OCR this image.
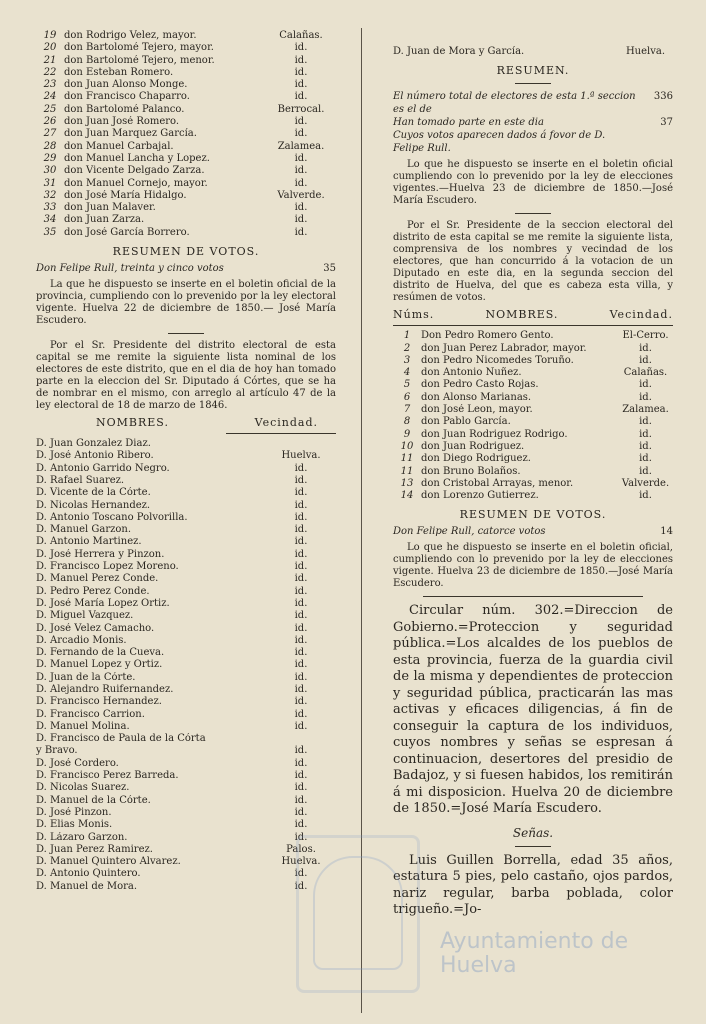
19 don Rodrigo Velez, mayor.	Calañas.
20 don Bartolomé Tejero, mayor.	id.
21 don Bartolomé Tejero, menor.	id.
22 don Esteban Romero.	id.
23 don Juan Alonso Monge.	id.
24 don Francisco Chaparro.	id.
25 don Bartolomé Palanco.	Berrocal.
26 don Juan José Romero.	id.
27 don Juan Marquez García.	id.
28 don Manuel Carbajal.	Zalamea.
29 don Manuel Lancha y Lopez.	id.
30 don Vicente Delgado Zarza.	id.
31 don Manuel Cornejo, mayor.	id.
32 don José María Hidalgo.	Valverde.
33 don Juan Malaver.	id.
34 don Juan Zarza.	id.
35 don José García Borrero.	id.
RESUMEN DE VOTOS.
Don Felipe Rull, treinta y cinco votos	35
La que he dispuesto se inserte en el boletin oficial de la provincia, cumpliendo con lo prevenido por la ley electoral vigente. Huelva 22 de diciembre de 1850.— José María Escudero.
Por el Sr. Presidente del distrito electoral de esta capital se me remite la siguiente lista nominal de los electores de este distrito, que en el dia de hoy han tomado parte en la eleccion del Sr. Diputado á Córtes, que se ha de nombrar en el mismo, con arreglo al artículo 47 de la ley electoral de 18 de marzo de 1846.
NOMBRES.	Vecindad.
D. Juan Gonzalez Diaz.
D. José Antonio Ribero.	Huelva.
D. Antonio Garrido Negro.	id.
D. Rafael Suarez.	id.
D. Vicente de la Córte.	id.
D. Nicolas Hernandez.	id.
D. Antonio Toscano Polvorilla.	id.
D. Manuel Garzon.	id.
D. Antonio Martinez.	id.
D. José Herrera y Pinzon.	id.
D. Francisco Lopez Moreno.	id.
D. Manuel Perez Conde.	id.
D. Pedro Perez Conde.	id.
D. José María Lopez Ortiz.	id.
D. Miguel Vazquez.	id.
D. José Velez Camacho.	id.
D. Arcadio Monis.	id.
D. Fernando de la Cueva.	id.
D. Manuel Lopez y Ortiz.	id.
D. Juan de la Córte.	id.
D. Alejandro Ruifernandez.	id.
D. Francisco Hernandez.	id.
D. Francisco Carrion.	id.
D. Manuel Molina.	id.
D. Francisco de Paula de la Córta
y Bravo.	id.
D. José Cordero.	id.
D. Francisco Perez Barreda.	id.
D. Nicolas Suarez.	id.
D. Manuel de la Córte.	id.
D. José Pinzon.	id.
D. Elias Monis.	id.
D. Lázaro Garzon.	id.
D. Juan Perez Ramirez.	Palos.
D. Manuel Quintero Alvarez.	Huelva.
D. Antonio Quintero.	id.
D. Manuel de Mora.	id.
D. Juan de Mora y García.	Huelva.
RESUMEN.
El número total de electores de esta 1.ª seccion es el de
336
Han tomado parte en este dia	37
Cuyos votos aparecen dados á fovor de D. Felipe Rull.
Lo que he dispuesto se inserte en el boletin oficial cumpliendo con lo prevenido por la ley de elecciones vigentes.—Huelva 23 de diciembre de 1850.—José María Escudero.
Por el Sr. Presidente de la seccion electoral del distrito de esta capital se me remite la siguiente lista, comprensiva de los nombres y vecindad de los electores, que han concurrido á la votacion de un Diputado en este dia, en la segunda seccion del distrito de Huelva, del que es cabeza esta villa, y resúmen de votos.
Núms.	NOMBRES.	Vecindad.
1	Don Pedro Romero Gento.	El-Cerro.
2	don Juan Perez Labrador, mayor.	id.
3	don Pedro Nicomedes Toruño.	id.
4	don Antonio Nuñez.	Calañas.
5	don Pedro Casto Rojas.	id.
6	don Alonso Marianas.	id.
7	don José Leon, mayor.	Zalamea.
8	don Pablo García.	id.
9	don Juan Rodriguez Rodrigo.	id.
10 don Juan Rodriguez.	id.
11 don Diego Rodriguez.	id.
11 don Bruno Bolaños.	id.
13 don Cristobal Arrayas, menor.	Valverde.
14 don Lorenzo Gutierrez.	id.
RESUMEN DE VOTOS.
Don Felipe Rull, catorce votos	14
Lo que he dispuesto se inserte en el boletin oficial, cumpliendo con lo prevenido por la ley de elecciones vigente. Huelva 23 de diciembre de 1850.—José María Escudero.
Circular núm. 302.=Direccion de Gobierno.=Proteccion y seguridad pública.=Los alcaldes de los pueblos de esta provincia, fuerza de la guardia civil de la misma y dependientes de proteccion y seguridad pública, practicarán las mas activas y eficaces diligencias, á fin de conseguir la captura de los individuos, cuyos nombres y señas se espresan á continuacion, desertores del presidio de Badajoz, y si fuesen habidos, los remitirán á mi disposicion. Huelva 20 de diciembre de 1850.=José María Escudero.
Señas.
Luis Guillen Borrella, edad 35 años, estatura 5 pies, pelo castaño, ojos pardos, nariz regular, barba poblada, color trigueño.=Jo-
Ayuntamiento de Huelva
